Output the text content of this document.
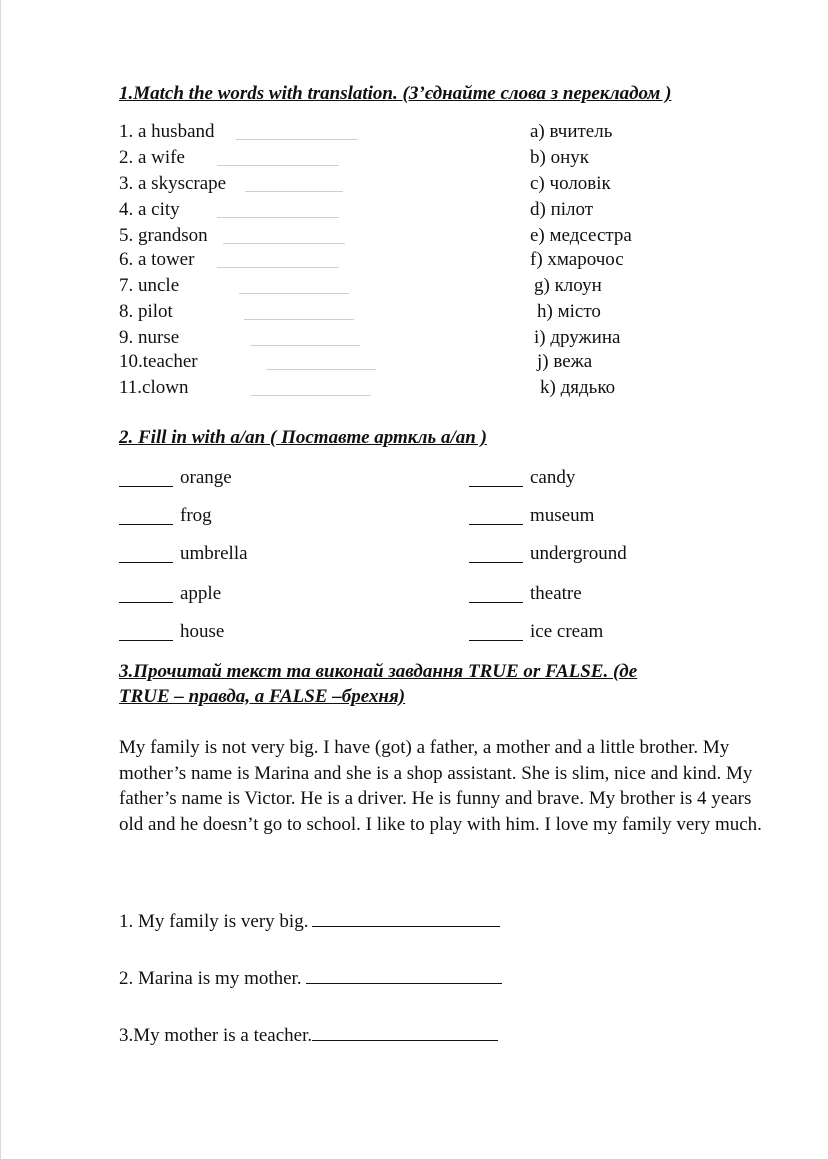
1.Match the words with translation. (З’єднайте слова з перекладом )
1. a husband
2. a wife
3. a skyscrape
4. a city
5. grandson
6. a tower
7. uncle
8. pilot
9. nurse
10.teacher
11.clown
a) вчитель
b) онук
c) чоловік
d) пілот
e) медсестра
f) хмарочос
g) клоун
h) місто
i) дружина
j) вежа
k) дядько
2. Fill in with a/an ( Поставте арткль a/an )
orange
frog
umbrella
apple
house
candy
museum
underground
theatre
ice cream
3.Прочитай текст та виконай завдання TRUE or FALSE. (де
TRUE – правда, a FALSE –брехня)

My family is not very big. I have (got) a father, a mother and a little brother. My mother’s name is Marina and she is a shop assistant. She is slim, nice and kind. My father’s name is Victor. He is a driver. He is funny and brave. My brother is 4 years old and he doesn’t go to school. I like to play with him. I love my family very much.

1. My family is very big.
2. Marina is my mother.
3.My mother is a teacher.
